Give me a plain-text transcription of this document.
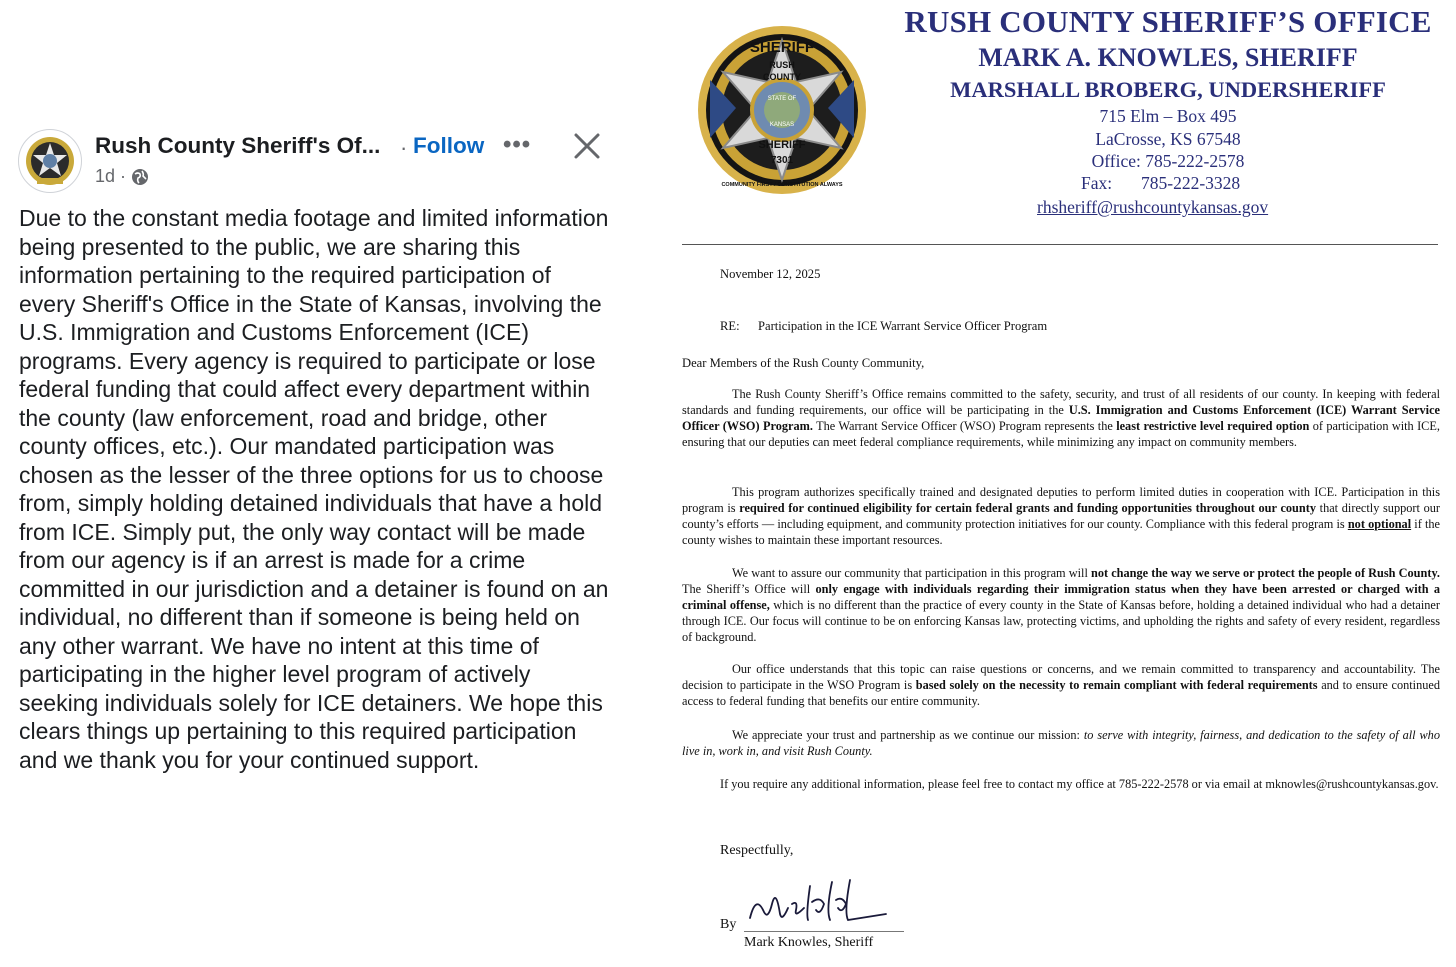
Rush County Sheriff's Of... · Follow •••
1d ·

Due to the constant media footage and limited information being presented to the public, we are sharing this information pertaining to the required participation of every Sheriff's Office in the State of Kansas, involving the U.S. Immigration and Customs Enforcement (ICE) programs. Every agency is required to participate or lose federal funding that could affect every department within the county (law enforcement, road and bridge, other county offices, etc.). Our mandated participation was chosen as the lesser of the three options for us to choose from, simply holding detained individuals that have a hold from ICE. Simply put, the only way contact will be made from our agency is if an arrest is made for a crime committed in our jurisdiction and a detainer is found on an individual, no different than if someone is being held on any other warrant. We have no intent at this time of participating in the higher level program of actively seeking individuals solely for ICE detainers. We hope this clears things up pertaining to this required participation and we thank you for your continued support.

SHERIFF
RUSH
COUNTY
STATE OF
KANSAS
SHERIFF
7301
COMMUNITY FIRST / CONSTITUTION ALWAYS
RUSH COUNTY SHERIFF’S OFFICE
MARK A. KNOWLES, SHERIFF
MARSHALL BROBERG, UNDERSHERIFF
715 Elm – Box 495
LaCrosse, KS 67548
Office: 785-222-2578
Fax: 785-222-3328
rhsheriff@rushcountykansas.gov
November 12, 2025
RE: Participation in the ICE Warrant Service Officer Program
Dear Members of the Rush County Community,

The Rush County Sheriff’s Office remains committed to the safety, security, and trust of all residents of our county. In keeping with federal standards and funding requirements, our office will be participating in the U.S. Immigration and Customs Enforcement (ICE) Warrant Service Officer (WSO) Program. The Warrant Service Officer (WSO) Program represents the least restrictive level required option of participation with ICE, ensuring that our deputies can meet federal compliance requirements, while minimizing any impact on community members.

This program authorizes specifically trained and designated deputies to perform limited duties in cooperation with ICE. Participation in this program is required for continued eligibility for certain federal grants and funding opportunities throughout our county that directly support our county’s efforts — including equipment, and community protection initiatives for our county. Compliance with this federal program is not optional if the county wishes to maintain these important resources.

We want to assure our community that participation in this program will not change the way we serve or protect the people of Rush County. The Sheriff’s Office will only engage with individuals regarding their immigration status when they have been arrested or charged with a criminal offense, which is no different than the practice of every county in the State of Kansas before, holding a detained individual who had a detainer through ICE. Our focus will continue to be on enforcing Kansas law, protecting victims, and upholding the rights and safety of every resident, regardless of background.

Our office understands that this topic can raise questions or concerns, and we remain committed to transparency and accountability. The decision to participate in the WSO Program is based solely on the necessity to remain compliant with federal requirements and to ensure continued access to federal funding that benefits our entire community.

We appreciate your trust and partnership as we continue our mission: to serve with integrity, fairness, and dedication to the safety of all who live in, work in, and visit Rush County.

If you require any additional information, please feel free to contact my office at 785-222-2578 or via email at mknowles@rushcountykansas.gov.

Respectfully,
By
Mark Knowles, Sheriff
